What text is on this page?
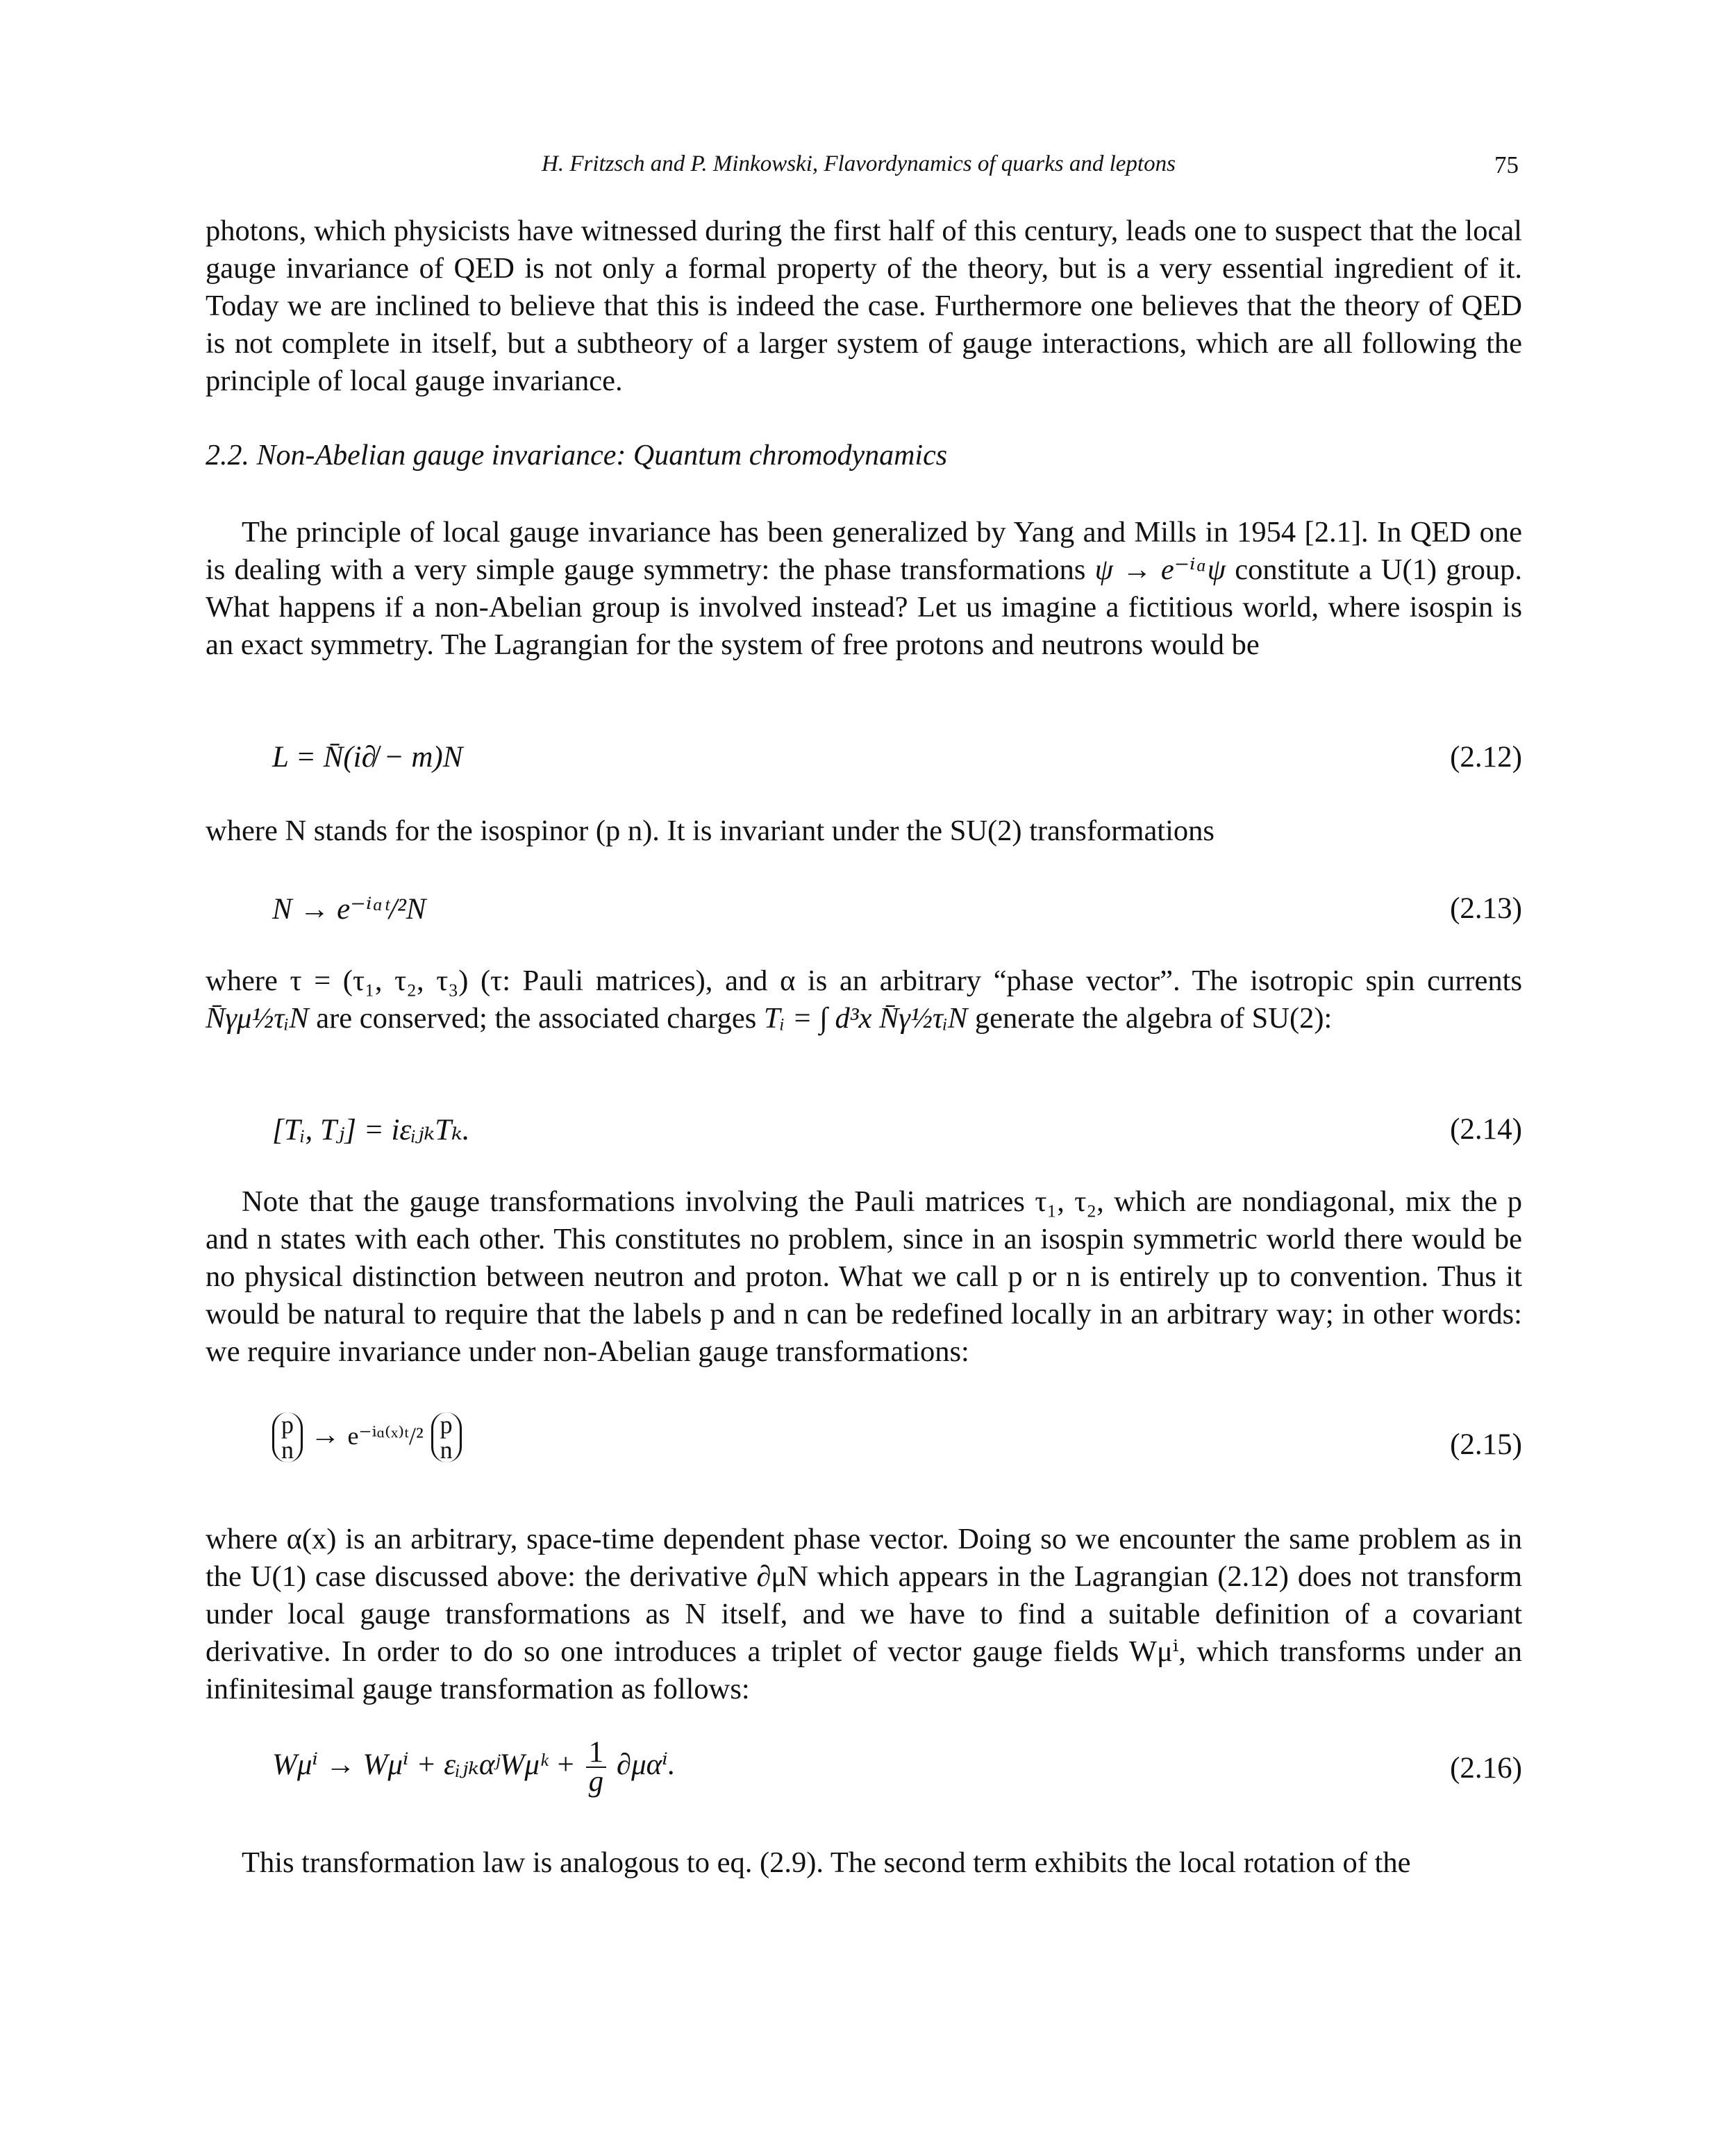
H. Fritzsch and P. Minkowski, Flavordynamics of quarks and leptons	75

photons, which physicists have witnessed during the first half of this century, leads one to suspect that the local gauge invariance of QED is not only a formal property of the theory, but is a very essential ingredient of it. Today we are inclined to believe that this is indeed the case. Furthermore one believes that the theory of QED is not complete in itself, but a subtheory of a larger system of gauge interactions, which are all following the principle of local gauge invariance.

2.2. Non-Abelian gauge invariance: Quantum chromodynamics

The principle of local gauge invariance has been generalized by Yang and Mills in 1954 [2.1]. In QED one is dealing with a very simple gauge symmetry: the phase transformations ψ → e⁻ⁱᵅψ constitute a U(1) group. What happens if a non-Abelian group is involved instead? Let us imagine a fictitious world, where isospin is an exact symmetry. The Lagrangian for the system of free protons and neutrons would be

L = N̄(i∂̸ − m)N	(2.12)

where N stands for the isospinor (p n). It is invariant under the SU(2) transformations

N → e⁻ⁱᵅᵗ/²N	(2.13)

where τ = (τ₁, τ₂, τ₃) (τ: Pauli matrices), and α is an arbitrary “phase vector”. The isotropic spin currents N̄γμ½τᵢN are conserved; the associated charges Tᵢ = ∫ d³x N̄γ½τᵢN generate the algebra of SU(2):

[Tᵢ, Tⱼ] = iεᵢⱼₖTₖ.	(2.14)

Note that the gauge transformations involving the Pauli matrices τ₁, τ₂, which are nondiagonal, mix the p and n states with each other. This constitutes no problem, since in an isospin symmetric world there would be no physical distinction between neutron and proton. What we call p or n is entirely up to convention. Thus it would be natural to require that the labels p and n can be redefined locally in an arbitrary way; in other words: we require invariance under non-Abelian gauge transformations:

p
n → e⁻ⁱᵅ⁽ˣ⁾ᵗ/² p
n	(2.15)

where α(x) is an arbitrary, space-time dependent phase vector. Doing so we encounter the same problem as in the U(1) case discussed above: the derivative ∂μN which appears in the Lagrangian (2.12) does not transform under local gauge transformations as N itself, and we have to find a suitable definition of a covariant derivative. In order to do so one introduces a triplet of vector gauge fields Wμⁱ, which transforms under an infinitesimal gauge transformation as follows:

Wμⁱ → Wμⁱ + εᵢⱼₖαʲWμᵏ + $\frac{1}{g} \partial\mu\alpha^i$.	(2.16)

This transformation law is analogous to eq. (2.9). The second term exhibits the local rotation of the
